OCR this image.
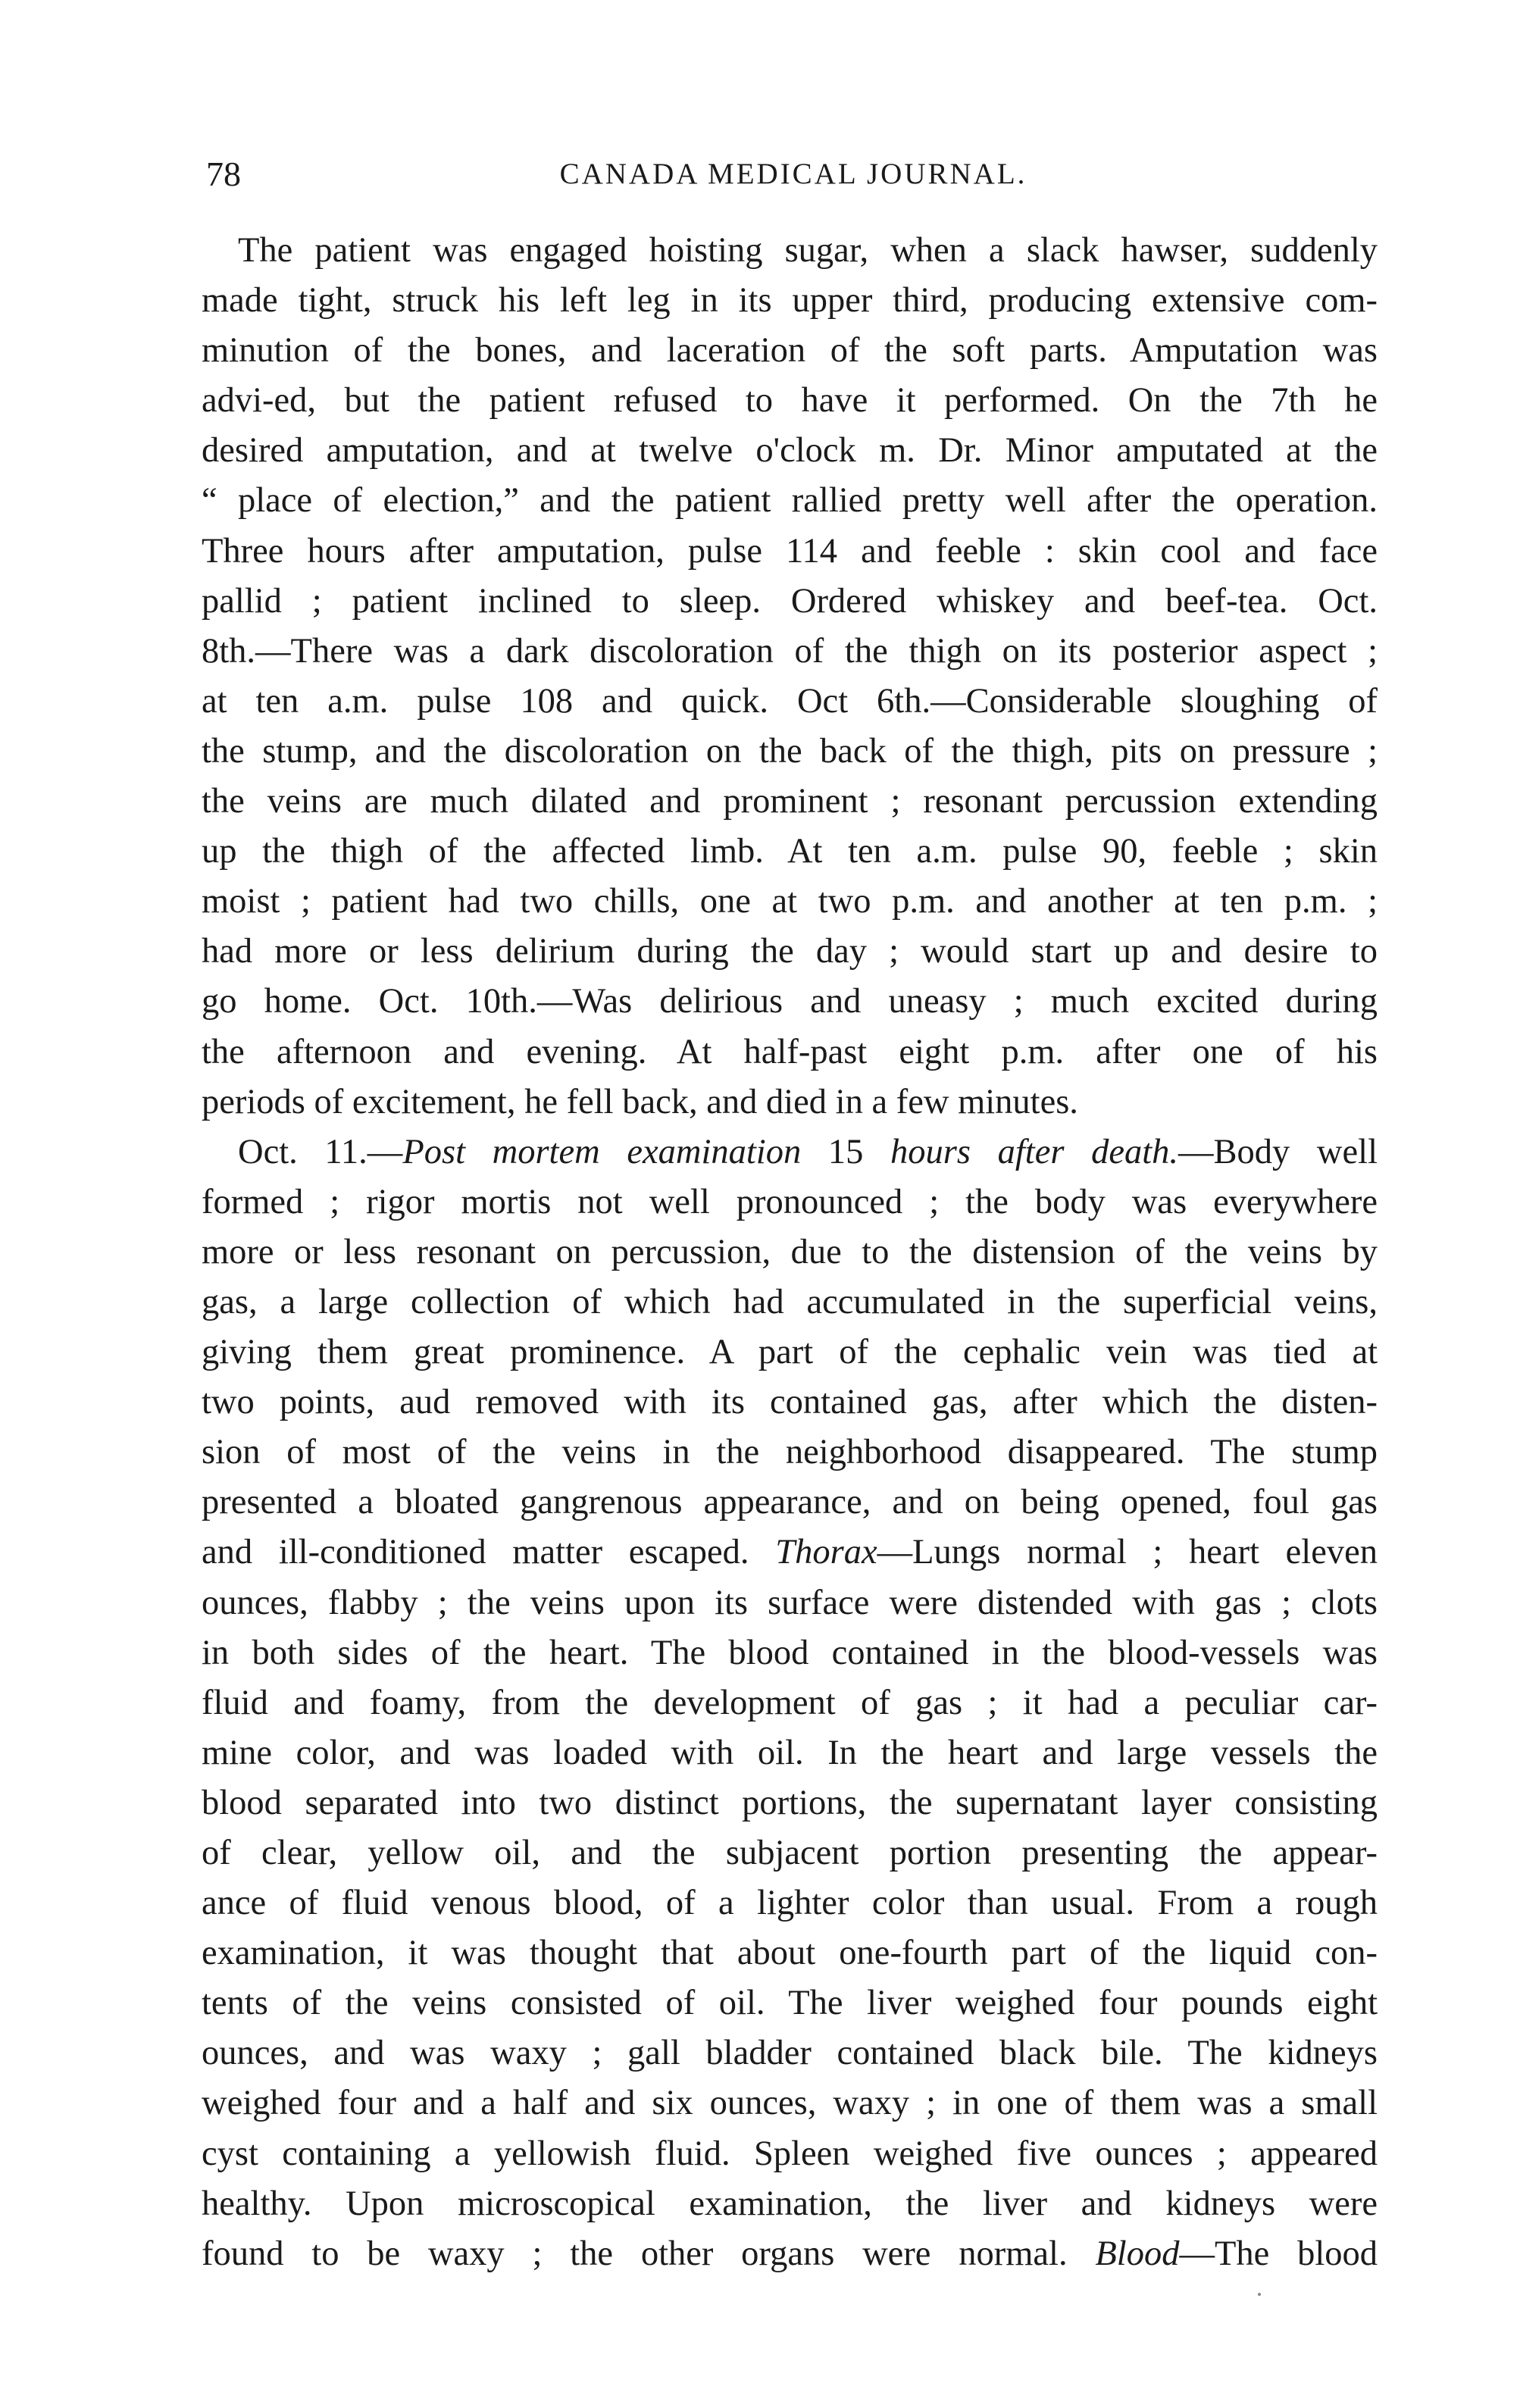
78	CANADA MEDICAL JOURNAL.
The patient was engaged hoisting sugar, when a slack hawser, suddenly
made tight, struck his left leg in its upper third, producing extensive com-
minution of the bones, and laceration of the soft parts. Amputation was
advi-ed, but the patient refused to have it performed. On the 7th he
desired amputation, and at twelve o'clock m. Dr. Minor amputated at the
“ place of election,” and the patient rallied pretty well after the operation.
Three hours after amputation, pulse 114 and feeble : skin cool and face
pallid ; patient inclined to sleep. Ordered whiskey and beef-tea. Oct.
8th.—There was a dark discoloration of the thigh on its posterior aspect ;
at ten a.m. pulse 108 and quick. Oct 6th.—Considerable sloughing of
the stump, and the discoloration on the back of the thigh, pits on pressure ;
the veins are much dilated and prominent ; resonant percussion extending
up the thigh of the affected limb. At ten a.m. pulse 90, feeble ; skin
moist ; patient had two chills, one at two p.m. and another at ten p.m. ;
had more or less delirium during the day ; would start up and desire to
go home. Oct. 10th.—Was delirious and uneasy ; much excited during
the afternoon and evening. At half-past eight p.m. after one of his
periods of excitement, he fell back, and died in a few minutes.
Oct. 11.—Post mortem examination 15 hours after death.—Body well
formed ; rigor mortis not well pronounced ; the body was everywhere
more or less resonant on percussion, due to the distension of the veins by
gas, a large collection of which had accumulated in the superficial veins,
giving them great prominence. A part of the cephalic vein was tied at
two points, aud removed with its contained gas, after which the disten-
sion of most of the veins in the neighborhood disappeared. The stump
presented a bloated gangrenous appearance, and on being opened, foul gas
and ill-conditioned matter escaped. Thorax—Lungs normal ; heart eleven
ounces, flabby ; the veins upon its surface were distended with gas ; clots
in both sides of the heart. The blood contained in the blood-vessels was
fluid and foamy, from the development of gas ; it had a peculiar car-
mine color, and was loaded with oil. In the heart and large vessels the
blood separated into two distinct portions, the supernatant layer consisting
of clear, yellow oil, and the subjacent portion presenting the appear-
ance of fluid venous blood, of a lighter color than usual. From a rough
examination, it was thought that about one-fourth part of the liquid con-
tents of the veins consisted of oil. The liver weighed four pounds eight
ounces, and was waxy ; gall bladder contained black bile. The kidneys
weighed four and a half and six ounces, waxy ; in one of them was a small
cyst containing a yellowish fluid. Spleen weighed five ounces ; appeared
healthy. Upon microscopical examination, the liver and kidneys were
found to be waxy ; the other organs were normal. Blood—The blood
